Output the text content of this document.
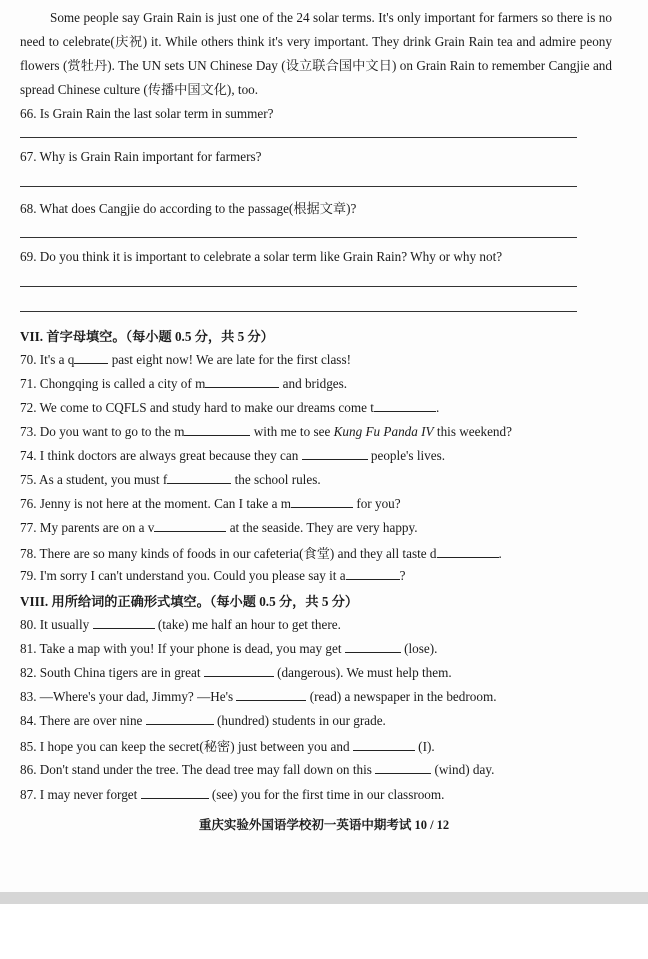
Some people say Grain Rain is just one of the 24 solar terms. It's only important for farmers so there is no need to celebrate(庆祝) it. While others think it's very important. They drink Grain Rain tea and admire peony flowers (赏牡丹). The UN sets UN Chinese Day (设立联合国中文日) on Grain Rain to remember Cangjie and spread Chinese culture (传播中国文化), too.

66. Is Grain Rain the last solar term in summer?
67. Why is Grain Rain important for farmers?
68. What does Cangjie do according to the passage(根据文章)?
69. Do you think it is important to celebrate a solar term like Grain Rain? Why or why not?
VII. 首字母填空。（每小题 0.5 分，共 5 分）
70. It's a q	past eight now! We are late for the first class!
71. Chongqing is called a city of m	and bridges.
72. We come to CQFLS and study hard to make our dreams come t	.
73. Do you want to go to the m	with me to see Kung Fu Panda IV this weekend?
74. I think doctors are always great because they can	people's lives.
75. As a student, you must f	the school rules.
76. Jenny is not here at the moment. Can I take a m	for you?
77. My parents are on a v	at the seaside. They are very happy.
78. There are so many kinds of foods in our cafeteria(食堂) and they all taste d	.
79. I'm sorry I can't understand you. Could you please say it a	?
VIII. 用所给词的正确形式填空。（每小题 0.5 分，共 5 分）
80. It usually	(take) me half an hour to get there.
81. Take a map with you! If your phone is dead, you may get	(lose).
82. South China tigers are in great	(dangerous). We must help them.
83. —Where's your dad, Jimmy? —He's	(read) a newspaper in the bedroom.
84. There are over nine	(hundred) students in our grade.
85. I hope you can keep the secret(秘密) just between you and	(I).
86. Don't stand under the tree. The dead tree may fall down on this	(wind) day.
87. I may never forget	(see) you for the first time in our classroom.
重庆实验外国语学校初一英语中期考试 10 / 12
